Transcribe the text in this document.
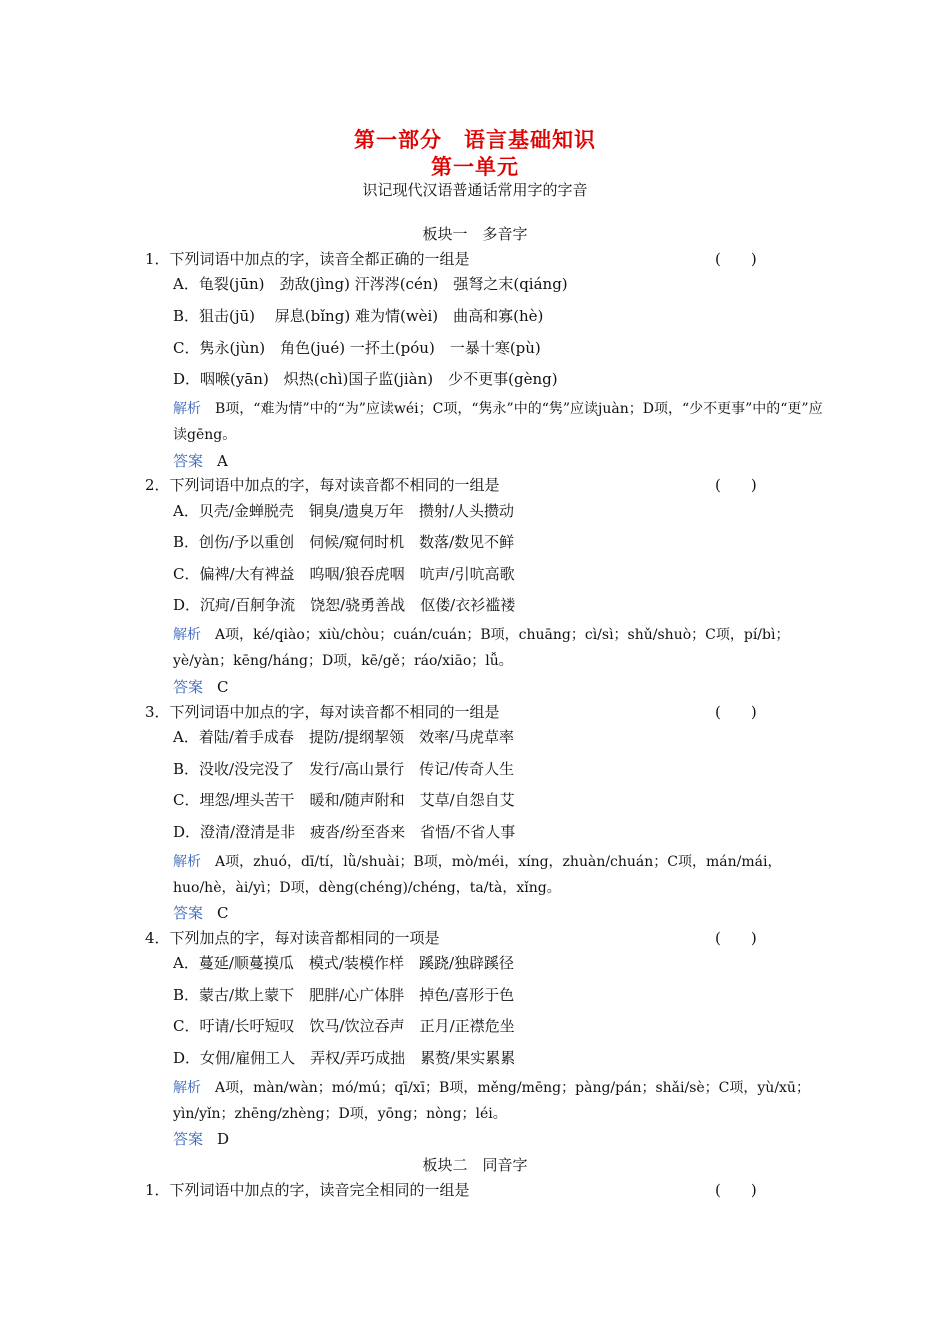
第一部分　语言基础知识
第一单元
识记现代汉语普通话常用字的字音
板块一　多音字
1．下列词语中加点的字，读音全都正确的一组是	(　　)
A．龟裂(jūn)　劲敌(jìng) 汗涔涔(cén)　强弩之末(qiáng)
B．狙击(jū)　 屏息(bǐng) 难为情(wèi)　曲高和寡(hè)
C．隽永(jùn)　角色(jué) 一抔土(póu)　一暴十寒(pù)
D．咽喉(yān)　炽热(chì)国子监(jiàn)　少不更事(gèng)
解析 B项，“难为情”中的“为”应读wéi；C项，“隽永”中的“隽”应读juàn；D项，“少不更事”中的“更”应读gēng。
答案 A
2．下列词语中加点的字，每对读音都不相同的一组是	(　　)
A．贝壳/金蝉脱壳　铜臭/遗臭万年　攒射/人头攒动
B．创伤/予以重创　伺候/窥伺时机　数落/数见不鲜
C．偏裨/大有裨益　呜咽/狼吞虎咽　吭声/引吭高歌
D．沉疴/百舸争流　饶恕/骁勇善战　伛偻/衣衫褴褛
解析 A项，ké/qiào；xiù/chòu；cuán/cuán；B项，chuāng；cì/sì；shǔ/shuò；C项，pí/bì；yè/yàn；kēng/háng；D项，kē/gě；ráo/xiāo；lǚ。
答案 C
3．下列词语中加点的字，每对读音都不相同的一组是	(　　)
A．着陆/着手成春　提防/提纲挈领　效率/马虎草率
B．没收/没完没了　发行/高山景行　传记/传奇人生
C．埋怨/埋头苦干　暖和/随声附和　艾草/自怨自艾
D．澄清/澄清是非　疲沓/纷至沓来　省悟/不省人事
解析 A项，zhuó，dī/tí，lǜ/shuài；B项，mò/méi，xíng，zhuàn/chuán；C项，mán/mái，huo/hè，ài/yì；D项，dèng(chéng)/chéng，ta/tà，xǐng。
答案 C
4．下列加点的字，每对读音都相同的一项是	(　　)
A．蔓延/顺蔓摸瓜　模式/装模作样　蹊跷/独辟蹊径
B．蒙古/欺上蒙下　肥胖/心广体胖　掉色/喜形于色
C．吁请/长吁短叹　饮马/饮泣吞声　正月/正襟危坐
D．女佣/雇佣工人　弄权/弄巧成拙　累赘/果实累累
解析 A项，màn/wàn；mó/mú；qī/xī；B项，měng/mēng；pàng/pán；shǎi/sè；C项，yù/xū；yìn/yǐn；zhēng/zhèng；D项，yōng；nòng；léi。
答案 D
板块二　同音字
1．下列词语中加点的字，读音完全相同的一组是	(　　)
